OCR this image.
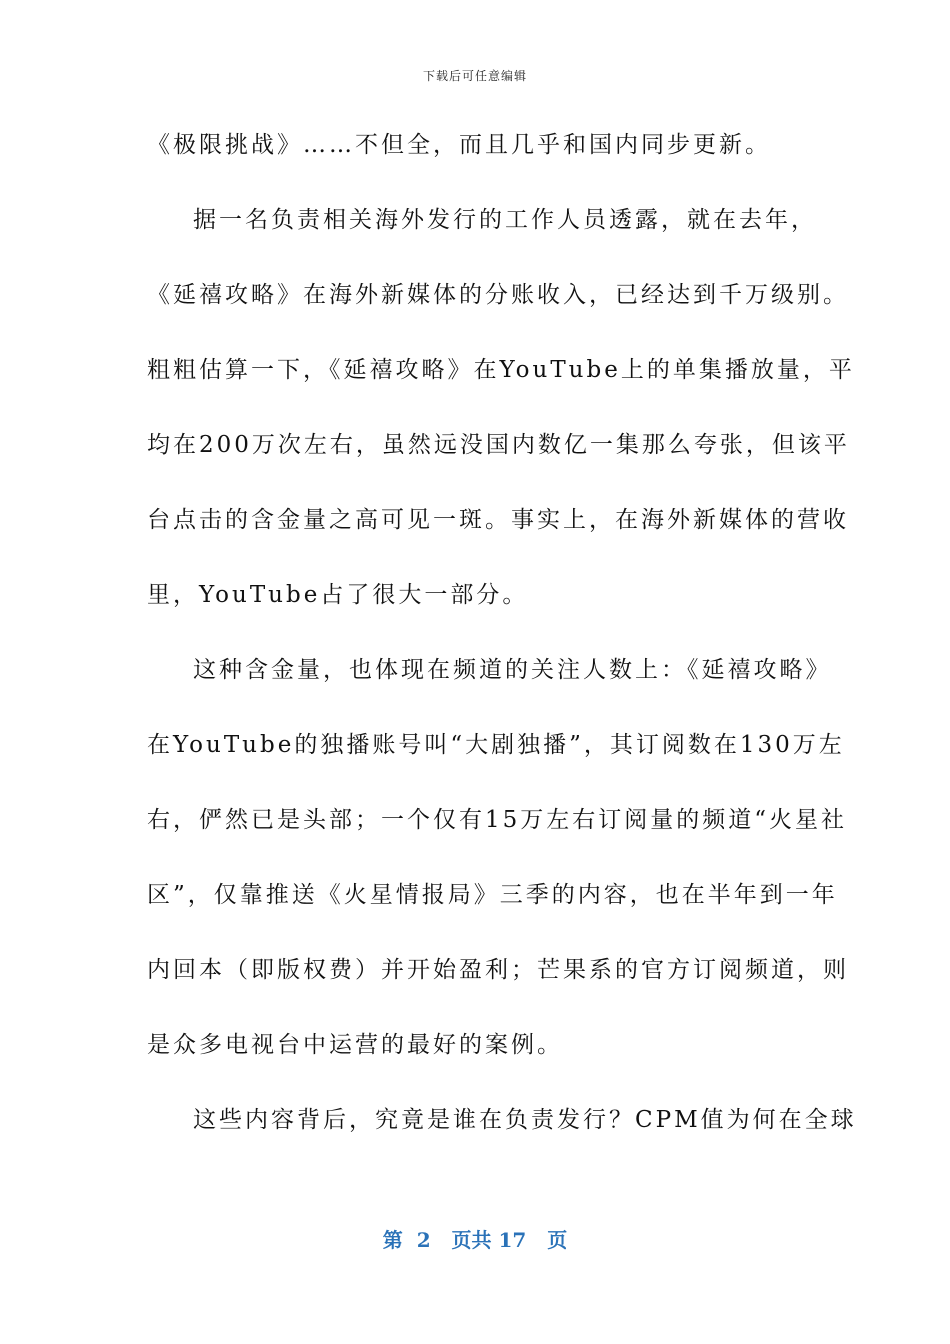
下载后可任意编辑
《极限挑战》……不但全，而且几乎和国内同步更新。
据一名负责相关海外发行的工作人员透露，就在去年，
《延禧攻略》在海外新媒体的分账收入，已经达到千万级别。
粗粗估算一下，《延禧攻略》在YouTube上的单集播放量，平
均在200万次左右，虽然远没国内数亿一集那么夸张，但该平
台点击的含金量之高可见一斑。事实上，在海外新媒体的营收
里，YouTube占了很大一部分。
这种含金量，也体现在频道的关注人数上：《延禧攻略》
在YouTube的独播账号叫“大剧独播”，其订阅数在130万左
右，俨然已是头部；一个仅有15万左右订阅量的频道“火星社
区”，仅靠推送《火星情报局》三季的内容，也在半年到一年
内回本（即版权费）并开始盈利；芒果系的官方订阅频道，则
是众多电视台中运营的最好的案例。
这些内容背后，究竟是谁在负责发行？CPM值为何在全球
第  2   页共 17   页
